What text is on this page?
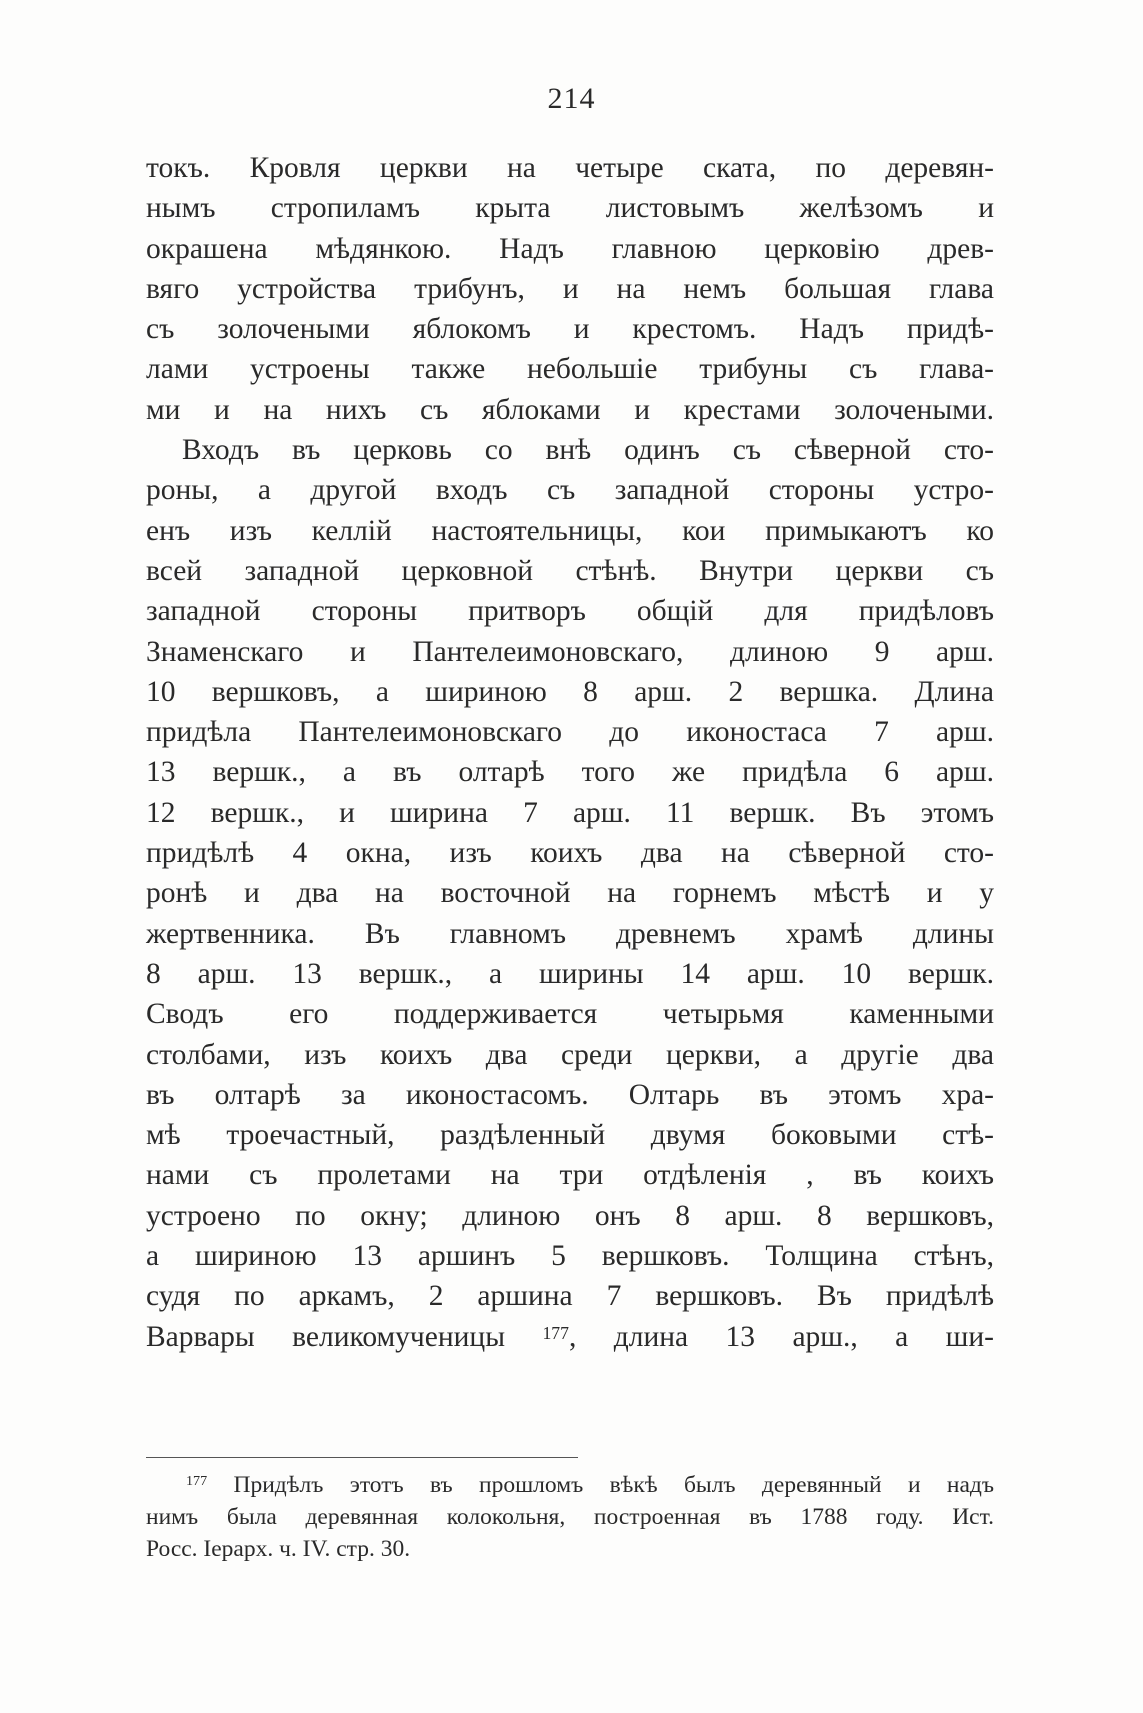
214
токъ. Кровля церкви на четыре ската, по деревян-
нымъ стропиламъ крыта листовымъ желѣзомъ и
окрашена мѣдянкою. Надъ главною церковію древ-
вяго устройства трибунъ, и на немъ большая глава
съ золочеными яблокомъ и крестомъ. Надъ придѣ-
лами устроены также небольшіе трибуны съ глава-
ми и на нихъ съ яблоками и крестами золочеными.
Входъ въ церковь со внѣ одинъ съ сѣверной сто-
роны, а другой входъ съ западной стороны устро-
енъ изъ келлій настоятельницы, кои примыкаютъ ко
всей западной церковной стѣнѣ. Внутри церкви съ
западной стороны притворъ общій для придѣловъ
Знаменскаго и Пантелеимоновскаго, длиною 9 арш.
10 вершковъ, а шириною 8 арш. 2 вершка. Длина
придѣла Пантелеимоновскаго до иконостаса 7 арш.
13 вершк., а въ олтарѣ того же придѣла 6 арш.
12 вершк., и ширина 7 арш. 11 вершк. Въ этомъ
придѣлѣ 4 окна, изъ коихъ два на сѣверной сто-
ронѣ и два на восточной на горнемъ мѣстѣ и у
жертвенника. Въ главномъ древнемъ храмѣ длины
8 арш. 13 вершк., а ширины 14 арш. 10 вершк.
Сводъ его поддерживается четырьмя каменными
столбами, изъ коихъ два среди церкви, а другіе два
въ олтарѣ за иконостасомъ. Олтарь въ этомъ хра-
мѣ троечастный, раздѣленный двумя боковыми стѣ-
нами съ пролетами на три отдѣленія , въ коихъ
устроено по окну; длиною онъ 8 арш. 8 вершковъ,
а шириною 13 аршинъ 5 вершковъ. Толщина стѣнъ,
судя по аркамъ, 2 аршина 7 вершковъ. Въ придѣлѣ
Варвары великомученицы $^{177}$, длина 13 арш., а ши-
$^{177}$ Придѣлъ этотъ въ прошломъ вѣкѣ былъ деревянный и надъ
нимъ была деревянная колокольня, построенная въ 1788 году. Ист.
Росс. Іерарх. ч. IV. стр. 30.
